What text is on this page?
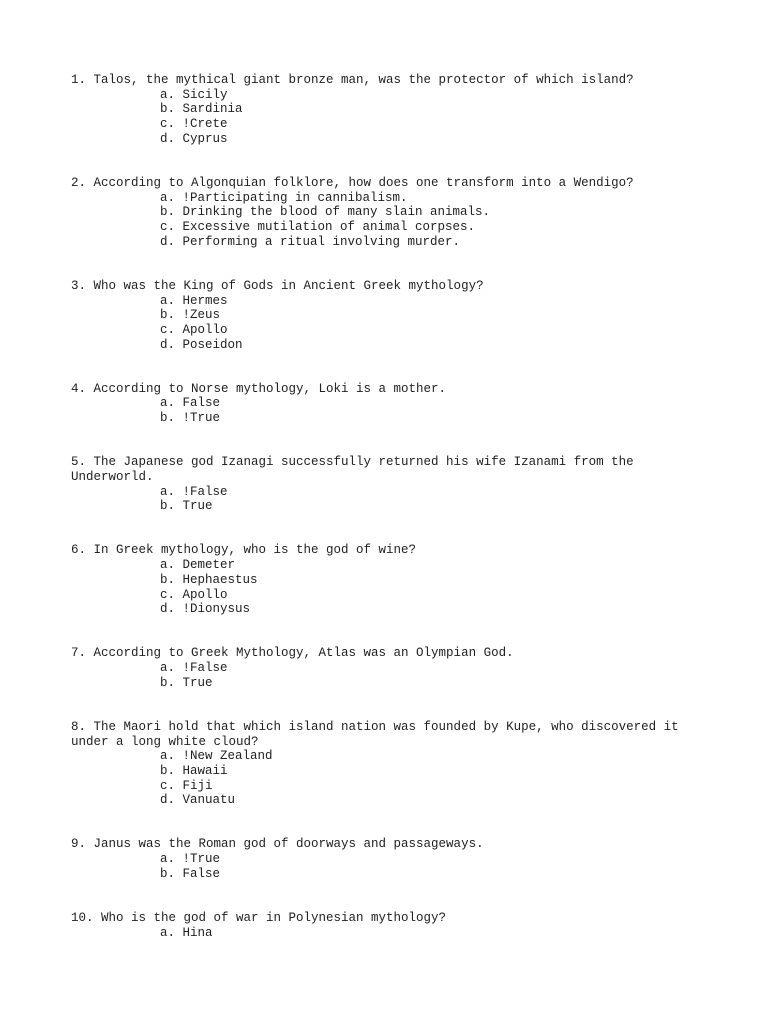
1. Talos, the mythical giant bronze man, was the protector of which island?

a. Sicily
b. Sardinia
c. !Crete
d. Cyprus

2. According to Algonquian folklore, how does one transform into a Wendigo?

a. !Participating in cannibalism.
b. Drinking the blood of many slain animals.
c. Excessive mutilation of animal corpses.
d. Performing a ritual involving murder.

3. Who was the King of Gods in Ancient Greek mythology?

a. Hermes
b. !Zeus
c. Apollo
d. Poseidon

4. According to Norse mythology, Loki is a mother.

a. False
b. !True

5. The Japanese god Izanagi successfully returned his wife Izanami from the Underworld.

a. !False
b. True

6. In Greek mythology, who is the god of wine?

a. Demeter
b. Hephaestus
c. Apollo
d. !Dionysus

7. According to Greek Mythology, Atlas was an Olympian God.

a. !False
b. True

8. The Maori hold that which island nation was founded by Kupe, who discovered it under a long white cloud?

a. !New Zealand
b. Hawaii
c. Fiji
d. Vanuatu

9. Janus was the Roman god of doorways and passageways.

a. !True
b. False

10. Who is the god of war in Polynesian mythology?

a. Hina
